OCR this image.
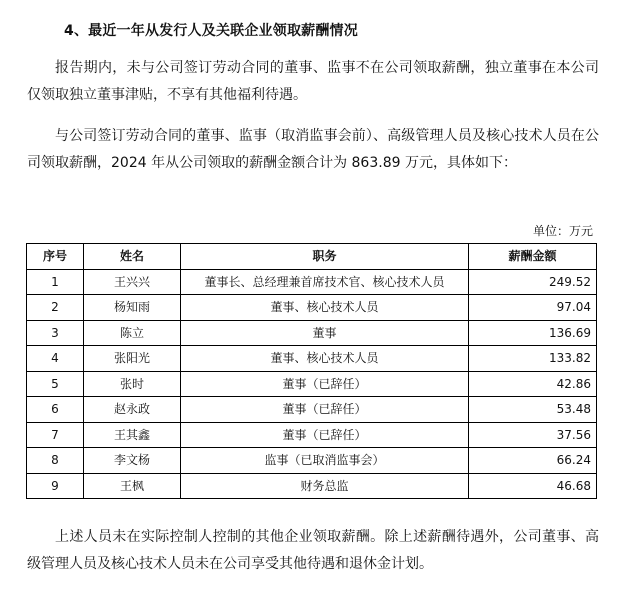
4、最近一年从发行人及关联企业领取薪酬情况

报告期内，未与公司签订劳动合同的董事、监事不在公司领取薪酬，独立董事在本公司仅领取独立董事津贴，不享有其他福利待遇。

与公司签订劳动合同的董事、监事（取消监事会前）、高级管理人员及核心技术人员在公司领取薪酬，2024 年从公司领取的薪酬金额合计为 863.89 万元，具体如下：

单位：万元
序号	姓名	职务	薪酬金额
1	王兴兴	董事长、总经理兼首席技术官、核心技术人员	249.52
2	杨知雨	董事、核心技术人员	97.04
3	陈立	董事	136.69
4	张阳光	董事、核心技术人员	133.82
5	张时	董事（已辞任）	42.86
6	赵永政	董事（已辞任）	53.48
7	王其鑫	董事（已辞任）	37.56
8	李文杨	监事（已取消监事会）	66.24
9	王枫	财务总监	46.68

上述人员未在实际控制人控制的其他企业领取薪酬。除上述薪酬待遇外，公司董事、高级管理人员及核心技术人员未在公司享受其他待遇和退休金计划。
